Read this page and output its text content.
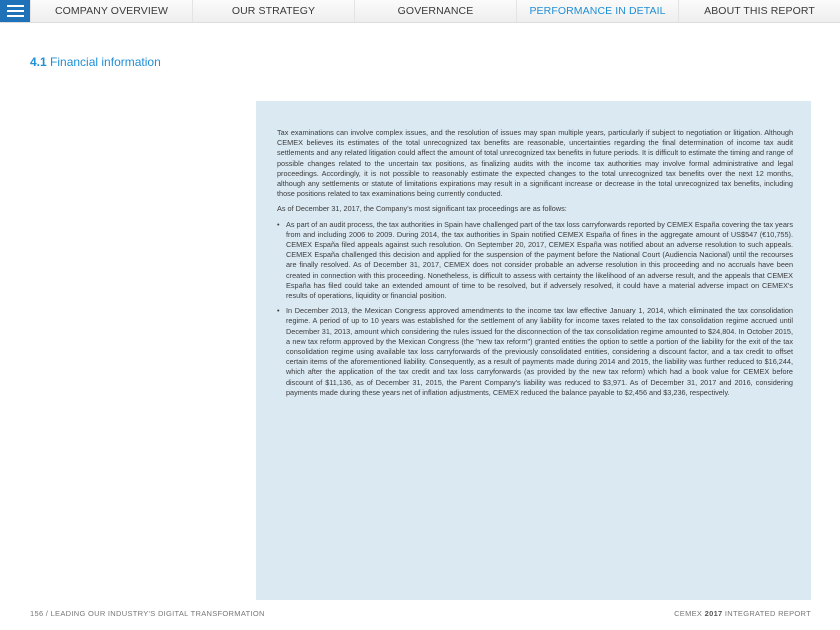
COMPANY OVERVIEW	OUR STRATEGY	GOVERNANCE	PERFORMANCE IN DETAIL	ABOUT THIS REPORT
4.1 Financial information

Tax examinations can involve complex issues, and the resolution of issues may span multiple years, particularly if subject to negotiation or litigation. Although CEMEX believes its estimates of the total unrecognized tax benefits are reasonable, uncertainties regarding the final determination of income tax audit settlements and any related litigation could affect the amount of total unrecognized tax benefits in future periods. It is difficult to estimate the timing and range of possible changes related to the uncertain tax positions, as finalizing audits with the income tax authorities may involve formal administrative and legal proceedings. Accordingly, it is not possible to reasonably estimate the expected changes to the total unrecognized tax benefits over the next 12 months, although any settlements or statute of limitations expirations may result in a significant increase or decrease in the total unrecognized tax benefits, including those positions related to tax examinations being currently conducted.

As of December 31, 2017, the Company's most significant tax proceedings are as follows:

• As part of an audit process, the tax authorities in Spain have challenged part of the tax loss carryforwards reported by CEMEX España covering the tax years from and including 2006 to 2009. During 2014, the tax authorities in Spain notified CEMEX España of fines in the aggregate amount of US$547 (€10,755). CEMEX España filed appeals against such resolution. On September 20, 2017, CEMEX España was notified about an adverse resolution to such appeals. CEMEX España challenged this decision and applied for the suspension of the payment before the National Court (Audiencia Nacional) until the recourses are finally resolved. As of December 31, 2017, CEMEX does not consider probable an adverse resolution in this proceeding and no accruals have been created in connection with this proceeding. Nonetheless, is difficult to assess with certainty the likelihood of an adverse result, and the appeals that CEMEX España has filed could take an extended amount of time to be resolved, but if adversely resolved, it could have a material adverse impact on CEMEX's results of operations, liquidity or financial position.
• In December 2013, the Mexican Congress approved amendments to the income tax law effective January 1, 2014, which eliminated the tax consolidation regime. A period of up to 10 years was established for the settlement of any liability for income taxes related to the tax consolidation regime accrued until December 31, 2013, amount which considering the rules issued for the disconnection of the tax consolidation regime amounted to $24,804. In October 2015, a new tax reform approved by the Mexican Congress (the "new tax reform") granted entities the option to settle a portion of the liability for the exit of the tax consolidation regime using available tax loss carryforwards of the previously consolidated entities, considering a discount factor, and a tax credit to offset certain items of the aforementioned liability. Consequently, as a result of payments made during 2014 and 2015, the liability was further reduced to $16,244, which after the application of the tax credit and tax loss carryforwards (as provided by the new tax reform) which had a book value for CEMEX before discount of $11,136, as of December 31, 2015, the Parent Company's liability was reduced to $3,971. As of December 31, 2017 and 2016, considering payments made during these years net of inflation adjustments, CEMEX reduced the balance payable to $2,456 and $3,236, respectively.
156 / LEADING OUR INDUSTRY'S DIGITAL TRANSFORMATION	CEMEX 2017 INTEGRATED REPORT
